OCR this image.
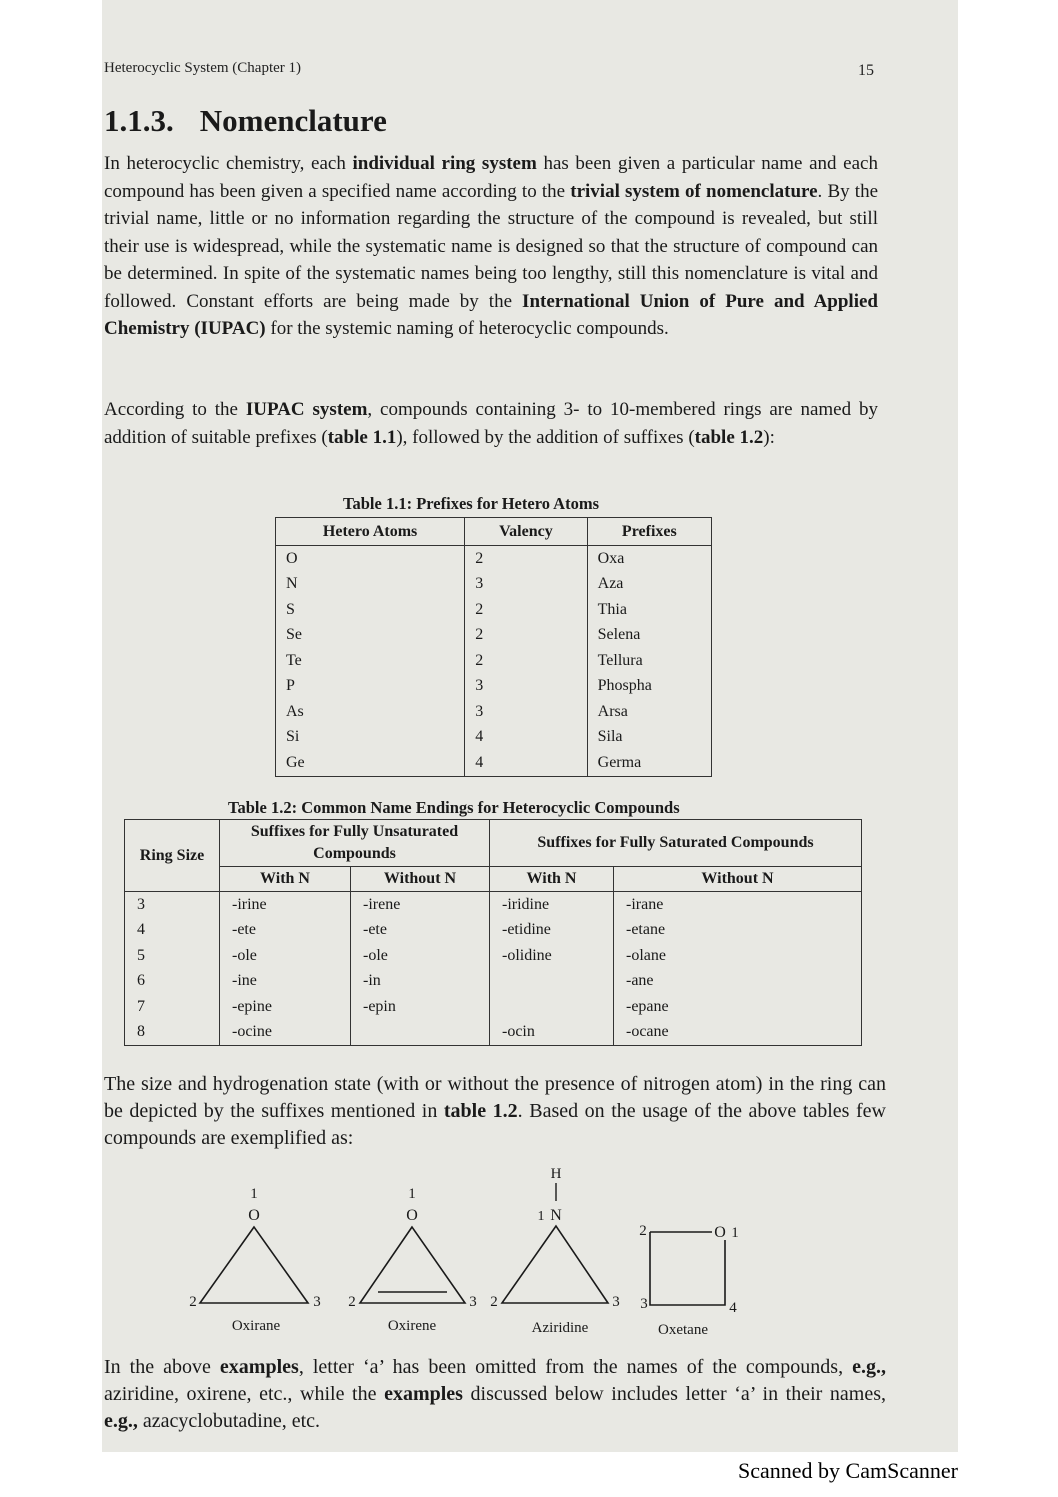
Heterocyclic System (Chapter 1)	15
1.1.3. Nomenclature

In heterocyclic chemistry, each individual ring system has been given a particular name and each compound has been given a specified name according to the trivial system of nomenclature. By the trivial name, little or no information regarding the structure of the compound is revealed, but still their use is widespread, while the systematic name is designed so that the structure of compound can be determined. In spite of the systematic names being too lengthy, still this nomenclature is vital and followed. Constant efforts are being made by the International Union of Pure and Applied Chemistry (IUPAC) for the systemic naming of heterocyclic compounds.

According to the IUPAC system, compounds containing 3- to 10-membered rings are named by addition of suitable prefixes (table 1.1), followed by the addition of suffixes (table 1.2):

Table 1.1: Prefixes for Hetero Atoms
Hetero Atoms	Valency	Prefixes
O	2	Oxa
N	3	Aza
S	2	Thia
Se	2	Selena
Te	2	Tellura
P	3	Phospha
As	3	Arsa
Si	4	Sila
Ge	4	Germa
Table 1.2: Common Name Endings for Heterocyclic Compounds
Ring Size	Suffixes for Fully Unsaturated Compounds		Suffixes for Fully Saturated Compounds	
	With N	Without N	With N	Without N
3	-irine	-irene	-iridine	-irane
4	-ete	-ete	-etidine	-etane
5	-ole	-ole	-olidine	-olane
6	-ine	-in		-ane
7	-epine	-epin		-epane
8	-ocine		-ocin	-ocane

The size and hydrogenation state (with or without the presence of nitrogen atom) in the ring can be depicted by the suffixes mentioned in table 1.2. Based on the usage of the above tables few compounds are exemplified as:

1
O
2	3
Oxirane
1
O
2	3
Oxirene
H
1 N
2	3
Aziridine
2	O 1
3	4
Oxetane

In the above examples, letter ‘a’ has been omitted from the names of the compounds, e.g., aziridine, oxirene, etc., while the examples discussed below includes letter ‘a’ in their names, e.g., azacyclobutadine, etc.

Scanned by CamScanner
